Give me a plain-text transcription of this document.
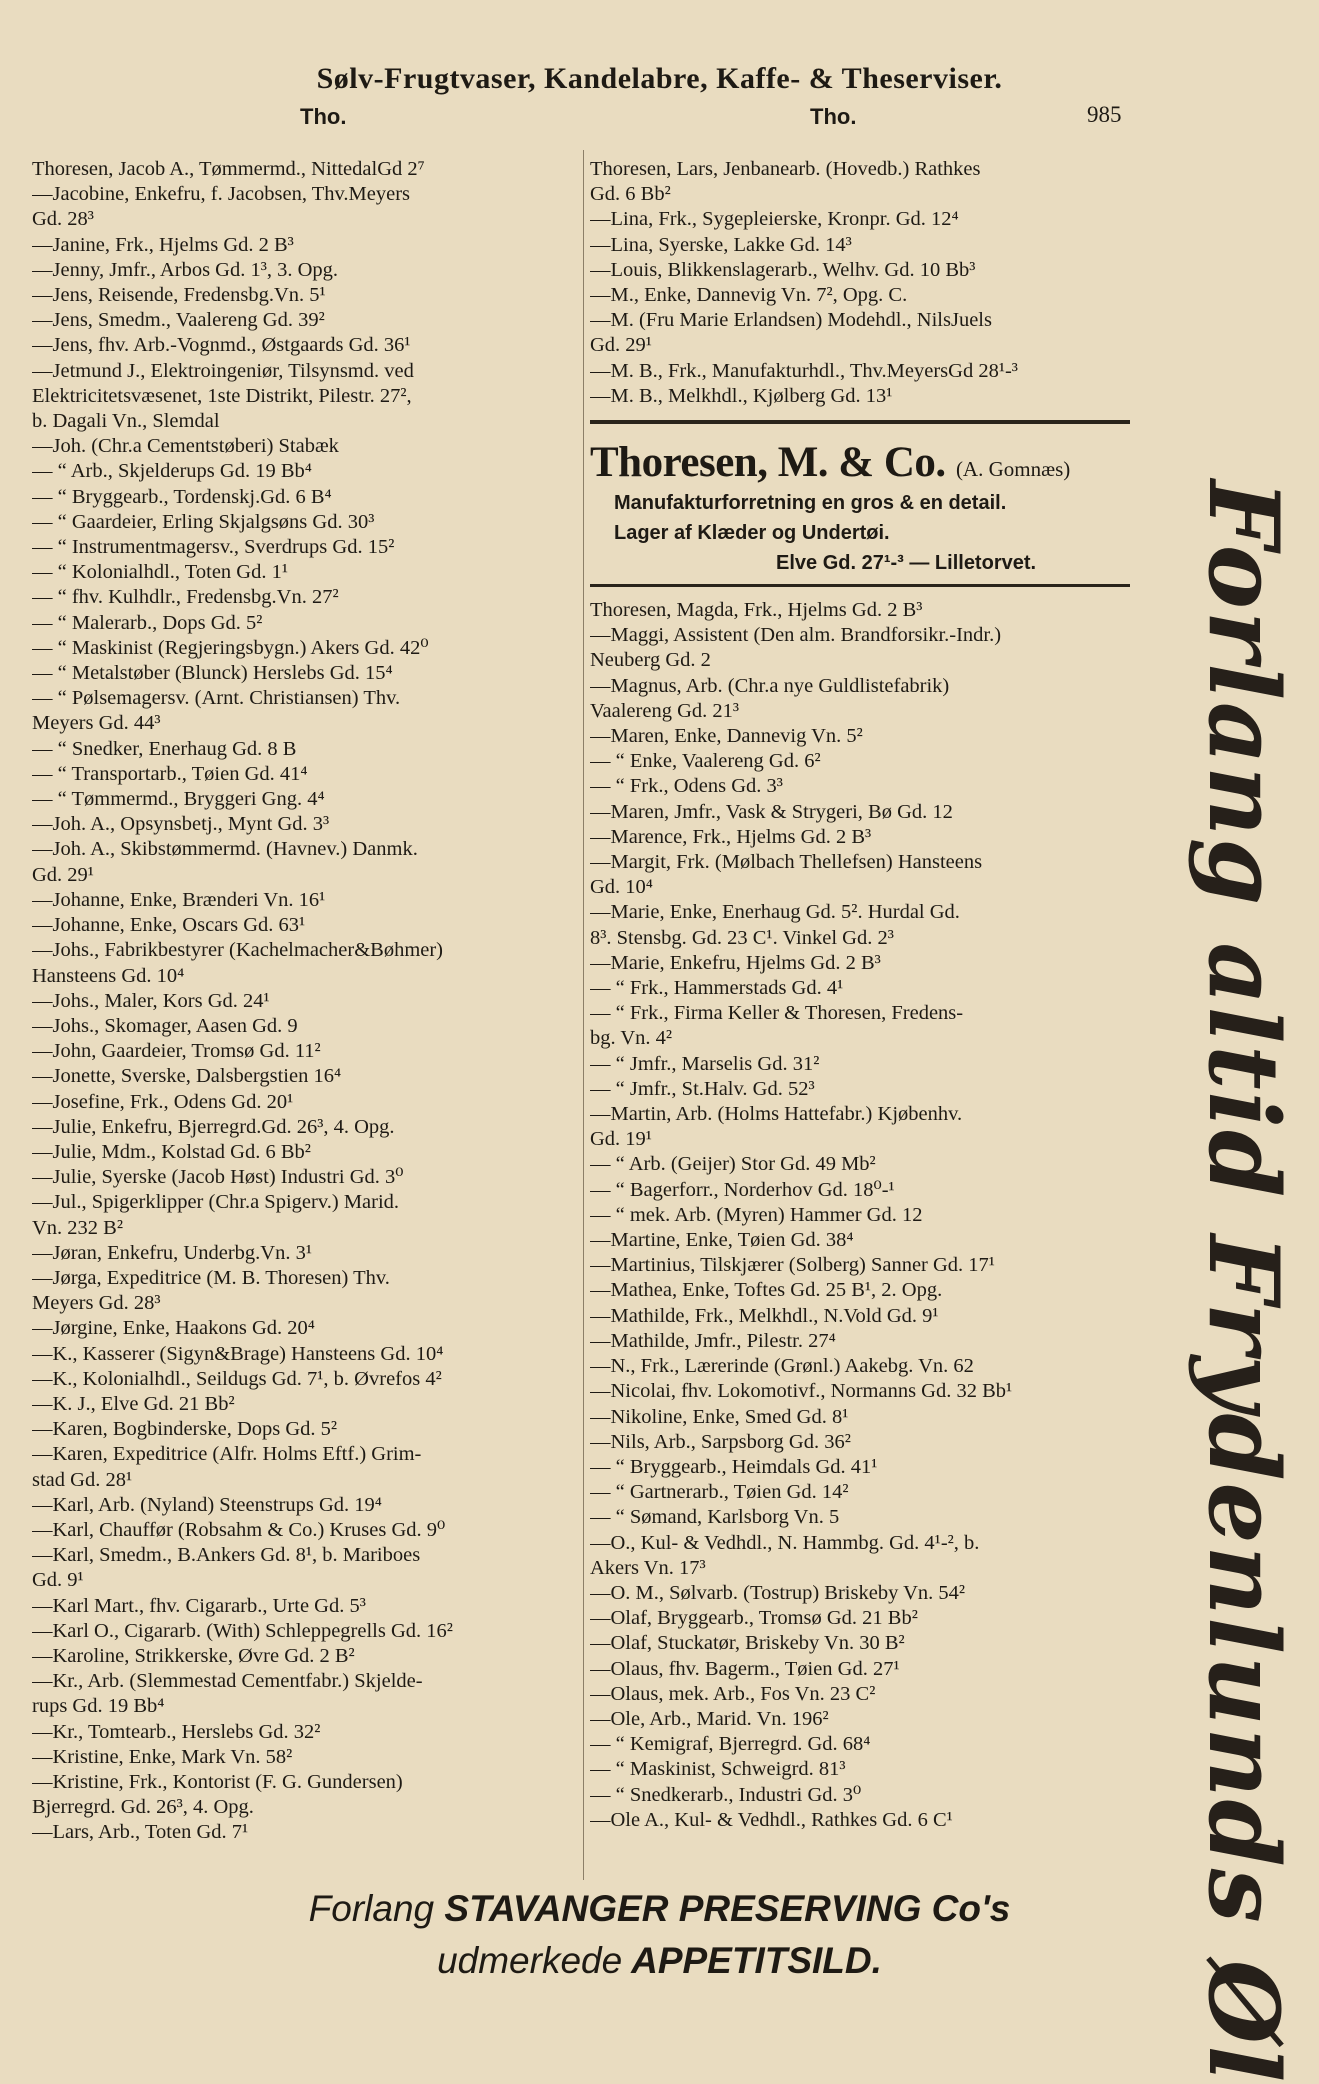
Sølv-Frugtvaser, Kandelabre, Kaffe- & Theserviser.
Tho.	Tho.	985
Thoresen, Jacob A., Tømmermd., NittedalGd 2⁷
—Jacobine, Enkefru, f. Jacobsen, Thv.Meyers
Gd. 28³
—Janine, Frk., Hjelms Gd. 2 B³
—Jenny, Jmfr., Arbos Gd. 1³, 3. Opg.
—Jens, Reisende, Fredensbg.Vn. 5¹
—Jens, Smedm., Vaalereng Gd. 39²
—Jens, fhv. Arb.-Vognmd., Østgaards Gd. 36¹
—Jetmund J., Elektroingeniør, Tilsynsmd. ved
Elektricitetsvæsenet, 1ste Distrikt, Pilestr. 27²,
b. Dagali Vn., Slemdal
—Joh. (Chr.a Cementstøberi) Stabæk
— “ Arb., Skjelderups Gd. 19 Bb⁴
— “ Bryggearb., Tordenskj.Gd. 6 B⁴
— “ Gaardeier, Erling Skjalgsøns Gd. 30³
— “ Instrumentmagersv., Sverdrups Gd. 15²
— “ Kolonialhdl., Toten Gd. 1¹
— “ fhv. Kulhdlr., Fredensbg.Vn. 27²
— “ Malerarb., Dops Gd. 5²
— “ Maskinist (Regjeringsbygn.) Akers Gd. 42⁰
— “ Metalstøber (Blunck) Herslebs Gd. 15⁴
— “ Pølsemagersv. (Arnt. Christiansen) Thv.
Meyers Gd. 44³
— “ Snedker, Enerhaug Gd. 8 B
— “ Transportarb., Tøien Gd. 41⁴
— “ Tømmermd., Bryggeri Gng. 4⁴
—Joh. A., Opsynsbetj., Mynt Gd. 3³
—Joh. A., Skibstømmermd. (Havnev.) Danmk.
Gd. 29¹
—Johanne, Enke, Brænderi Vn. 16¹
—Johanne, Enke, Oscars Gd. 63¹
—Johs., Fabrikbestyrer (Kachelmacher&Bøhmer)
Hansteens Gd. 10⁴
—Johs., Maler, Kors Gd. 24¹
—Johs., Skomager, Aasen Gd. 9
—John, Gaardeier, Tromsø Gd. 11²
—Jonette, Sverske, Dalsbergstien 16⁴
—Josefine, Frk., Odens Gd. 20¹
—Julie, Enkefru, Bjerregrd.Gd. 26³, 4. Opg.
—Julie, Mdm., Kolstad Gd. 6 Bb²
—Julie, Syerske (Jacob Høst) Industri Gd. 3⁰
—Jul., Spigerklipper (Chr.a Spigerv.) Marid.
Vn. 232 B²
—Jøran, Enkefru, Underbg.Vn. 3¹
—Jørga, Expeditrice (M. B. Thoresen) Thv.
Meyers Gd. 28³
—Jørgine, Enke, Haakons Gd. 20⁴
—K., Kasserer (Sigyn&Brage) Hansteens Gd. 10⁴
—K., Kolonialhdl., Seildugs Gd. 7¹, b. Øvrefos 4²
—K. J., Elve Gd. 21 Bb²
—Karen, Bogbinderske, Dops Gd. 5²
—Karen, Expeditrice (Alfr. Holms Eftf.) Grim-
stad Gd. 28¹
—Karl, Arb. (Nyland) Steenstrups Gd. 19⁴
—Karl, Chauffør (Robsahm & Co.) Kruses Gd. 9⁰
—Karl, Smedm., B.Ankers Gd. 8¹, b. Mariboes
Gd. 9¹
—Karl Mart., fhv. Cigararb., Urte Gd. 5³
—Karl O., Cigararb. (With) Schleppegrells Gd. 16²
—Karoline, Strikkerske, Øvre Gd. 2 B²
—Kr., Arb. (Slemmestad Cementfabr.) Skjelde-
rups Gd. 19 Bb⁴
—Kr., Tomtearb., Herslebs Gd. 32²
—Kristine, Enke, Mark Vn. 58²
—Kristine, Frk., Kontorist (F. G. Gundersen)
Bjerregrd. Gd. 26³, 4. Opg.
—Lars, Arb., Toten Gd. 7¹
Thoresen, Lars, Jenbanearb. (Hovedb.) Rathkes
Gd. 6 Bb²
—Lina, Frk., Sygepleierske, Kronpr. Gd. 12⁴
—Lina, Syerske, Lakke Gd. 14³
—Louis, Blikkenslagerarb., Welhv. Gd. 10 Bb³
—M., Enke, Dannevig Vn. 7², Opg. C.
—M. (Fru Marie Erlandsen) Modehdl., NilsJuels
Gd. 29¹
—M. B., Frk., Manufakturhdl., Thv.MeyersGd 28¹-³
—M. B., Melkhdl., Kjølberg Gd. 13¹
Thoresen, M. & Co. (A. Gomnæs)
Manufakturforretning en gros & en detail.
Lager af Klæder og Undertøi.
Elve Gd. 27¹-³ — Lilletorvet.
Thoresen, Magda, Frk., Hjelms Gd. 2 B³
—Maggi, Assistent (Den alm. Brandforsikr.-Indr.)
Neuberg Gd. 2
—Magnus, Arb. (Chr.a nye Guldlistefabrik)
Vaalereng Gd. 21³
—Maren, Enke, Dannevig Vn. 5²
— “ Enke, Vaalereng Gd. 6²
— “ Frk., Odens Gd. 3³
—Maren, Jmfr., Vask & Strygeri, Bø Gd. 12
—Marence, Frk., Hjelms Gd. 2 B³
—Margit, Frk. (Mølbach Thellefsen) Hansteens
Gd. 10⁴
—Marie, Enke, Enerhaug Gd. 5². Hurdal Gd.
8³. Stensbg. Gd. 23 C¹. Vinkel Gd. 2³
—Marie, Enkefru, Hjelms Gd. 2 B³
— “ Frk., Hammerstads Gd. 4¹
— “ Frk., Firma Keller & Thoresen, Fredens-
bg. Vn. 4²
— “ Jmfr., Marselis Gd. 31²
— “ Jmfr., St.Halv. Gd. 52³
—Martin, Arb. (Holms Hattefabr.) Kjøbenhv.
Gd. 19¹
— “ Arb. (Geijer) Stor Gd. 49 Mb²
— “ Bagerforr., Norderhov Gd. 18⁰-¹
— “ mek. Arb. (Myren) Hammer Gd. 12
—Martine, Enke, Tøien Gd. 38⁴
—Martinius, Tilskjærer (Solberg) Sanner Gd. 17¹
—Mathea, Enke, Toftes Gd. 25 B¹, 2. Opg.
—Mathilde, Frk., Melkhdl., N.Vold Gd. 9¹
—Mathilde, Jmfr., Pilestr. 27⁴
—N., Frk., Lærerinde (Grønl.) Aakebg. Vn. 62
—Nicolai, fhv. Lokomotivf., Normanns Gd. 32 Bb¹
—Nikoline, Enke, Smed Gd. 8¹
—Nils, Arb., Sarpsborg Gd. 36²
— “ Bryggearb., Heimdals Gd. 41¹
— “ Gartnerarb., Tøien Gd. 14²
— “ Sømand, Karlsborg Vn. 5
—O., Kul- & Vedhdl., N. Hammbg. Gd. 4¹-², b.
Akers Vn. 17³
—O. M., Sølvarb. (Tostrup) Briskeby Vn. 54²
—Olaf, Bryggearb., Tromsø Gd. 21 Bb²
—Olaf, Stuckatør, Briskeby Vn. 30 B²
—Olaus, fhv. Bagerm., Tøien Gd. 27¹
—Olaus, mek. Arb., Fos Vn. 23 C²
—Ole, Arb., Marid. Vn. 196²
— “ Kemigraf, Bjerregrd. Gd. 68⁴
— “ Maskinist, Schweigrd. 81³
— “ Snedkerarb., Industri Gd. 3⁰
—Ole A., Kul- & Vedhdl., Rathkes Gd. 6 C¹	Forlang altid Frydenlunds Øl
Forlang STAVANGER PRESERVING Co's
udmerkede APPETITSILD.
